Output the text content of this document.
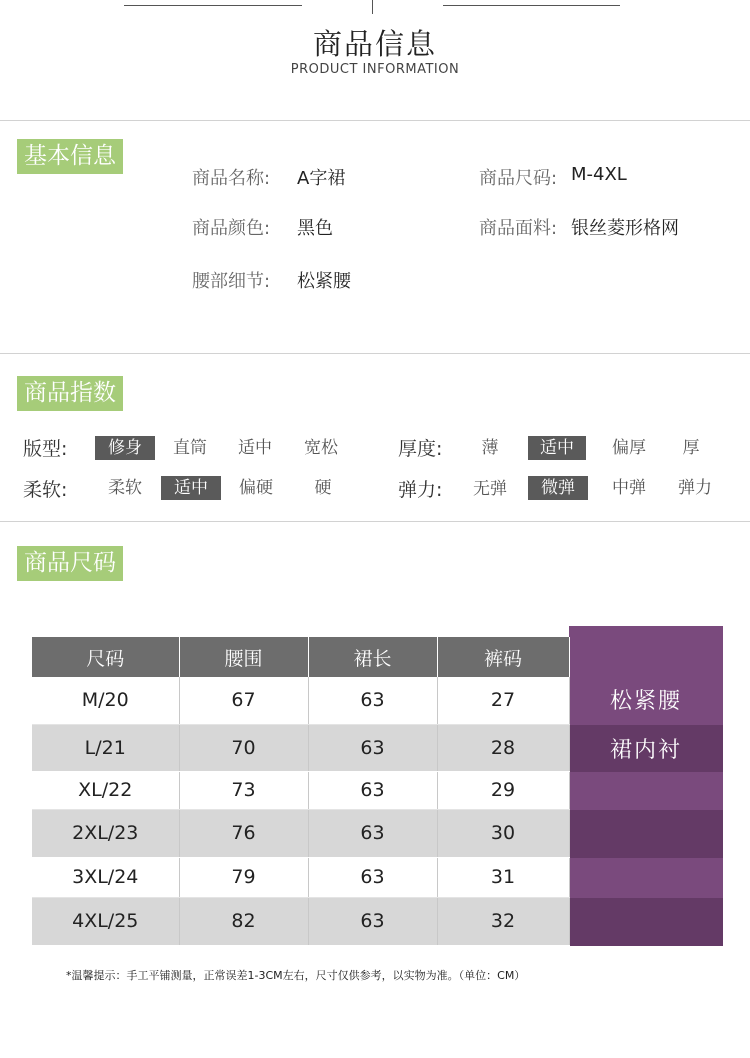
商品信息
PRODUCT INFORMATION
基本信息
商品名称: A字裙
商品颜色: 黑色
腰部细节: 松紧腰
商品尺码: M-4XL
商品面料: 银丝菱形格网
商品指数
版型:	修身	直筒	适中	宽松	厚度:	薄	适中	偏厚	厚
柔软:	柔软	适中	偏硬	硬	弹力:	无弹	微弹	中弹	弹力
商品尺码
松紧腰
裙内衬
尺码	腰围	裙长	裤码
M/20	67	63	27
L/21	70	63	28
XL/22	73	63	29
2XL/23	76	63	30
3XL/24	79	63	31
4XL/25	82	63	32
*温馨提示：手工平铺测量，正常误差1-3CM左右，尺寸仅供参考，以实物为准。（单位：CM）
